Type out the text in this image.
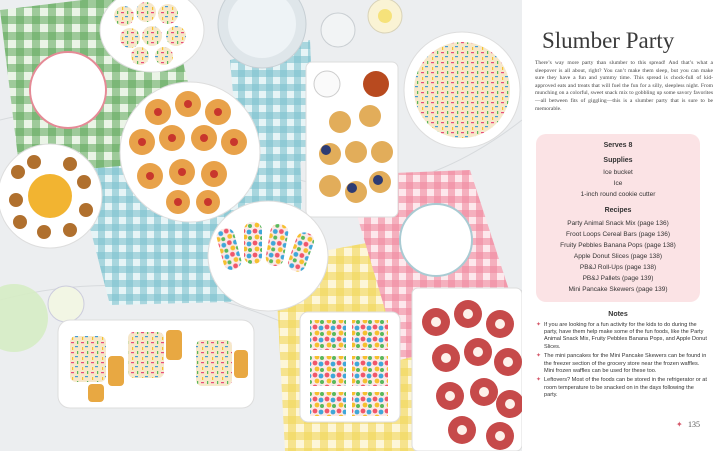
Slumber Party
There’s way more party than slumber to this spread! And that’s what a sleepover is all about, right? You can’t make them sleep, but you can make sure they have a fun and yummy time. This spread is chock-full of kid-approved eats and treats that will fuel the fun for a silly, sleepless night. From munching on a colorful, sweet snack mix to gobbling up some savory favorites—all between fits of giggling—this is a slumber party that is sure to be memorable.
Serves 8
Supplies
Ice bucket
Ice
1-inch round cookie cutter
Recipes
Party Animal Snack Mix (page 136)
Froot Loops Cereal Bars (page 136)
Fruity Pebbles Banana Pops (page 138)
Apple Donut Slices (page 138)
PB&J Roll-Ups (page 138)
PB&J Pallets (page 139)
Mini Pancake Skewers (page 139)
Notes
✦ If you are looking for a fun activity for the kids to do during the party, have them help make some of the fun foods, like the Party Animal Snack Mix, Fruity Pebbles Banana Pops, and Apple Donut Slices.
✦ The mini pancakes for the Mini Pancake Skewers can be found in the freezer section of the grocery store near the frozen waffles. Mini frozen waffles can be used for these too.
✦ Leftovers? Most of the foods can be stored in the refrigerator or at room temperature to be snacked on in the days following the party.
✦ 135
